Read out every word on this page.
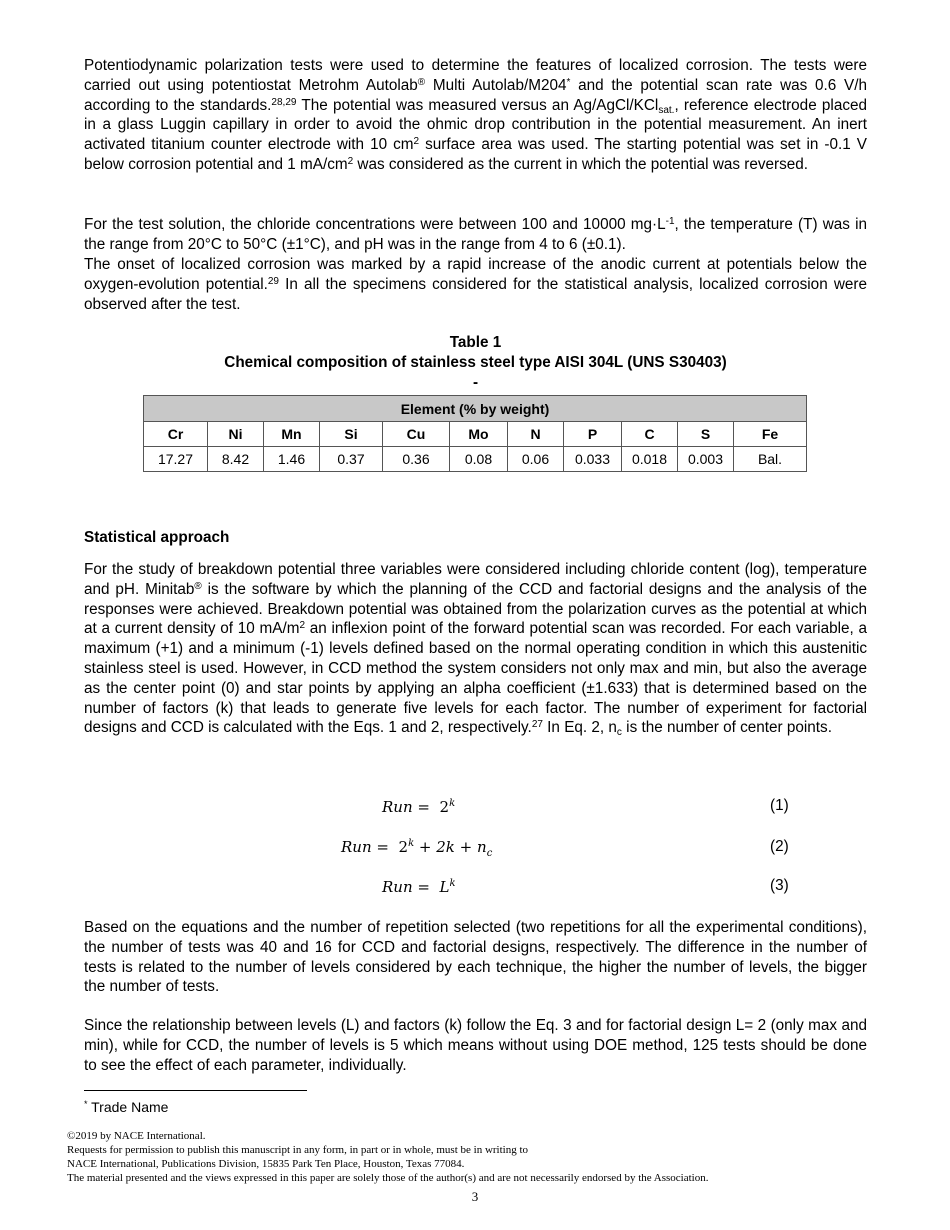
Potentiodynamic polarization tests were used to determine the features of localized corrosion. The tests were carried out using potentiostat Metrohm Autolab® Multi Autolab/M204* and the potential scan rate was 0.6 V/h according to the standards.$^{28,29}$ The potential was measured versus an Ag/AgCl/KCl$_{sat.}$, reference electrode placed in a glass Luggin capillary in order to avoid the ohmic drop contribution in the potential measurement. An inert activated titanium counter electrode with 10 $cm^2$ surface area was used. The starting potential was set in -0.1 V below corrosion potential and 1 $mA/cm^2$ was considered as the current in which the potential was reversed.

For the test solution, the chloride concentrations were between 100 and 10000 $mg\cdot L^{-1}$, the temperature (T) was in the range from 20°C to 50°C (±1°C), and pH was in the range from 4 to 6 (±0.1).

The onset of localized corrosion was marked by a rapid increase of the anodic current at potentials below the oxygen-evolution potential.$^{29}$ In all the specimens considered for the statistical analysis, localized corrosion were observed after the test.

Table 1
Chemical composition of stainless steel type AISI 304L (UNS S30403)
-
Element (% by weight)										
Cr	Ni	Mn	Si	Cu	Mo	N	P	C	S	Fe
17.27	8.42	1.46	0.37	0.36	0.08	0.06	0.033	0.018	0.003	Bal.
Statistical approach

For the study of breakdown potential three variables were considered including chloride content (log), temperature and pH. Minitab® is the software by which the planning of the CCD and factorial designs and the analysis of the responses were achieved. Breakdown potential was obtained from the polarization curves as the potential at which at a current density of 10 $mA/m^2$ an inflexion point of the forward potential scan was recorded. For each variable, a maximum (+1) and a minimum (-1) levels defined based on the normal operating condition in which this austenitic stainless steel is used. However, in CCD method the system considers not only max and min, but also the average as the center point (0) and star points by applying an alpha coefficient (±1.633) that is determined based on the number of factors (k) that leads to generate five levels for each factor. The number of experiment for factorial designs and CCD is calculated with the Eqs. 1 and 2, respectively.$^{27}$ In Eq. 2, $n_c$ is the number of center points.

Run = $2^k$	(1)
Run = $2^k + 2k + n_c$	(2)
Run = $L^k$	(3)

Based on the equations and the number of repetition selected (two repetitions for all the experimental conditions), the number of tests was 40 and 16 for CCD and factorial designs, respectively. The difference in the number of tests is related to the number of levels considered by each technique, the higher the number of levels, the bigger the number of tests.

Since the relationship between levels (L) and factors (k) follow the Eq. 3 and for factorial design L= 2 (only max and min), while for CCD, the number of levels is 5 which means without using DOE method, 125 tests should be done to see the effect of each parameter, individually.

* Trade Name
©2019 by NACE International.
Requests for permission to publish this manuscript in any form, in part or in whole, must be in writing to
NACE International, Publications Division, 15835 Park Ten Place, Houston, Texas 77084.
The material presented and the views expressed in this paper are solely those of the author(s) and are not necessarily endorsed by the Association.
3
